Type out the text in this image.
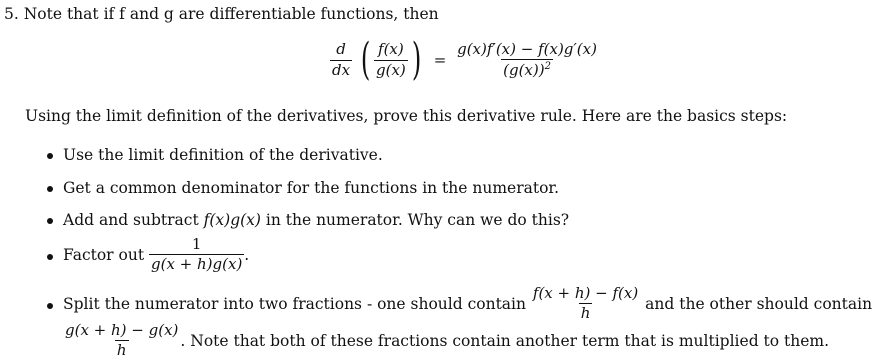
5. Note that if f and g are differentiable functions, then
$\frac{d}{dx}$ ( $\frac{f(x)}{g(x)}$ ) = $\frac{g(x)f'(x) - f(x)g'(x)}{(g(x))^2}$
Using the limit definition of the derivatives, prove this derivative rule. Here are the basics steps:
Use the limit definition of the derivative.
Get a common denominator for the functions in the numerator.
Add and subtract f(x)g(x) in the numerator. Why can we do this?
Factor out $\frac{1}{g(x + h)g(x)}$ .
Split the numerator into two fractions - one should contain $\frac{f(x + h) - f(x)}{h}$ and the other should contain
$\frac{g(x + h) - g(x)}{h}$ . Note that both of these fractions contain another term that is multiplied to them.
